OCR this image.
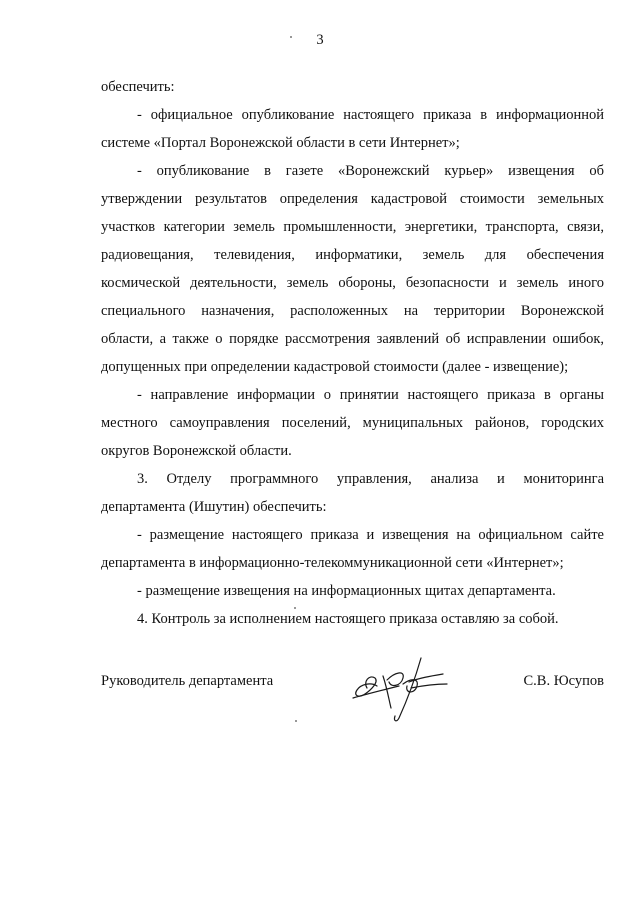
3
обеспечить:
- официальное опубликование настоящего приказа в информационной
системе «Портал Воронежской области в сети Интернет»;
- опубликование в газете «Воронежский курьер» извещения об
утверждении результатов определения кадастровой стоимости земельных
участков категории земель промышленности, энергетики, транспорта, связи,
радиовещания, телевидения, информатики, земель для обеспечения
космической деятельности, земель обороны, безопасности и земель иного
специального назначения, расположенных на территории Воронежской
области, а также о порядке рассмотрения заявлений об исправлении ошибок,
допущенных при определении кадастровой стоимости (далее - извещение);
- направление информации о принятии настоящего приказа в органы
местного самоуправления поселений, муниципальных районов, городских
округов Воронежской области.
3. Отделу программного управления, анализа и мониторинга
департамента (Ишутин) обеспечить:
- размещение настоящего приказа и извещения на официальном сайте
департамента в информационно-телекоммуникационной сети «Интернет»;
- размещение извещения на информационных щитах департамента.
4. Контроль за исполнением настоящего приказа оставляю за собой.
Руководитель департамента	С.В. Юсупов
